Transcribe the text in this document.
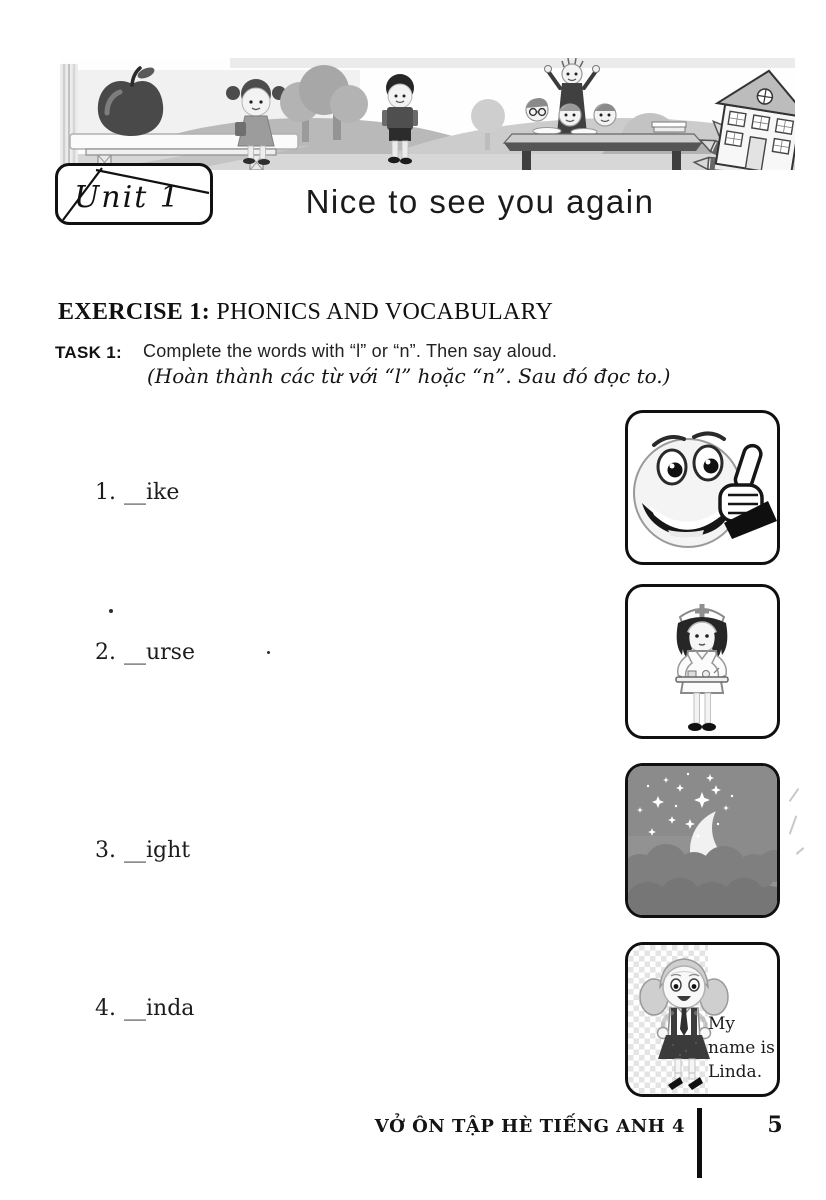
Unit 1	Nice to see you again
EXERCISE 1: PHONICS AND VOCABULARY
TASK 1: Complete the words with “l” or “n”. Then say aloud.
(Hoàn thành các từ với “l” hoặc “n”. Sau đó đọc to.)
1. __ike
2. __urse
3. __ight
4. __inda
My name is Linda.
VỞ ÔN TẬP HÈ TIẾNG ANH 4	5
